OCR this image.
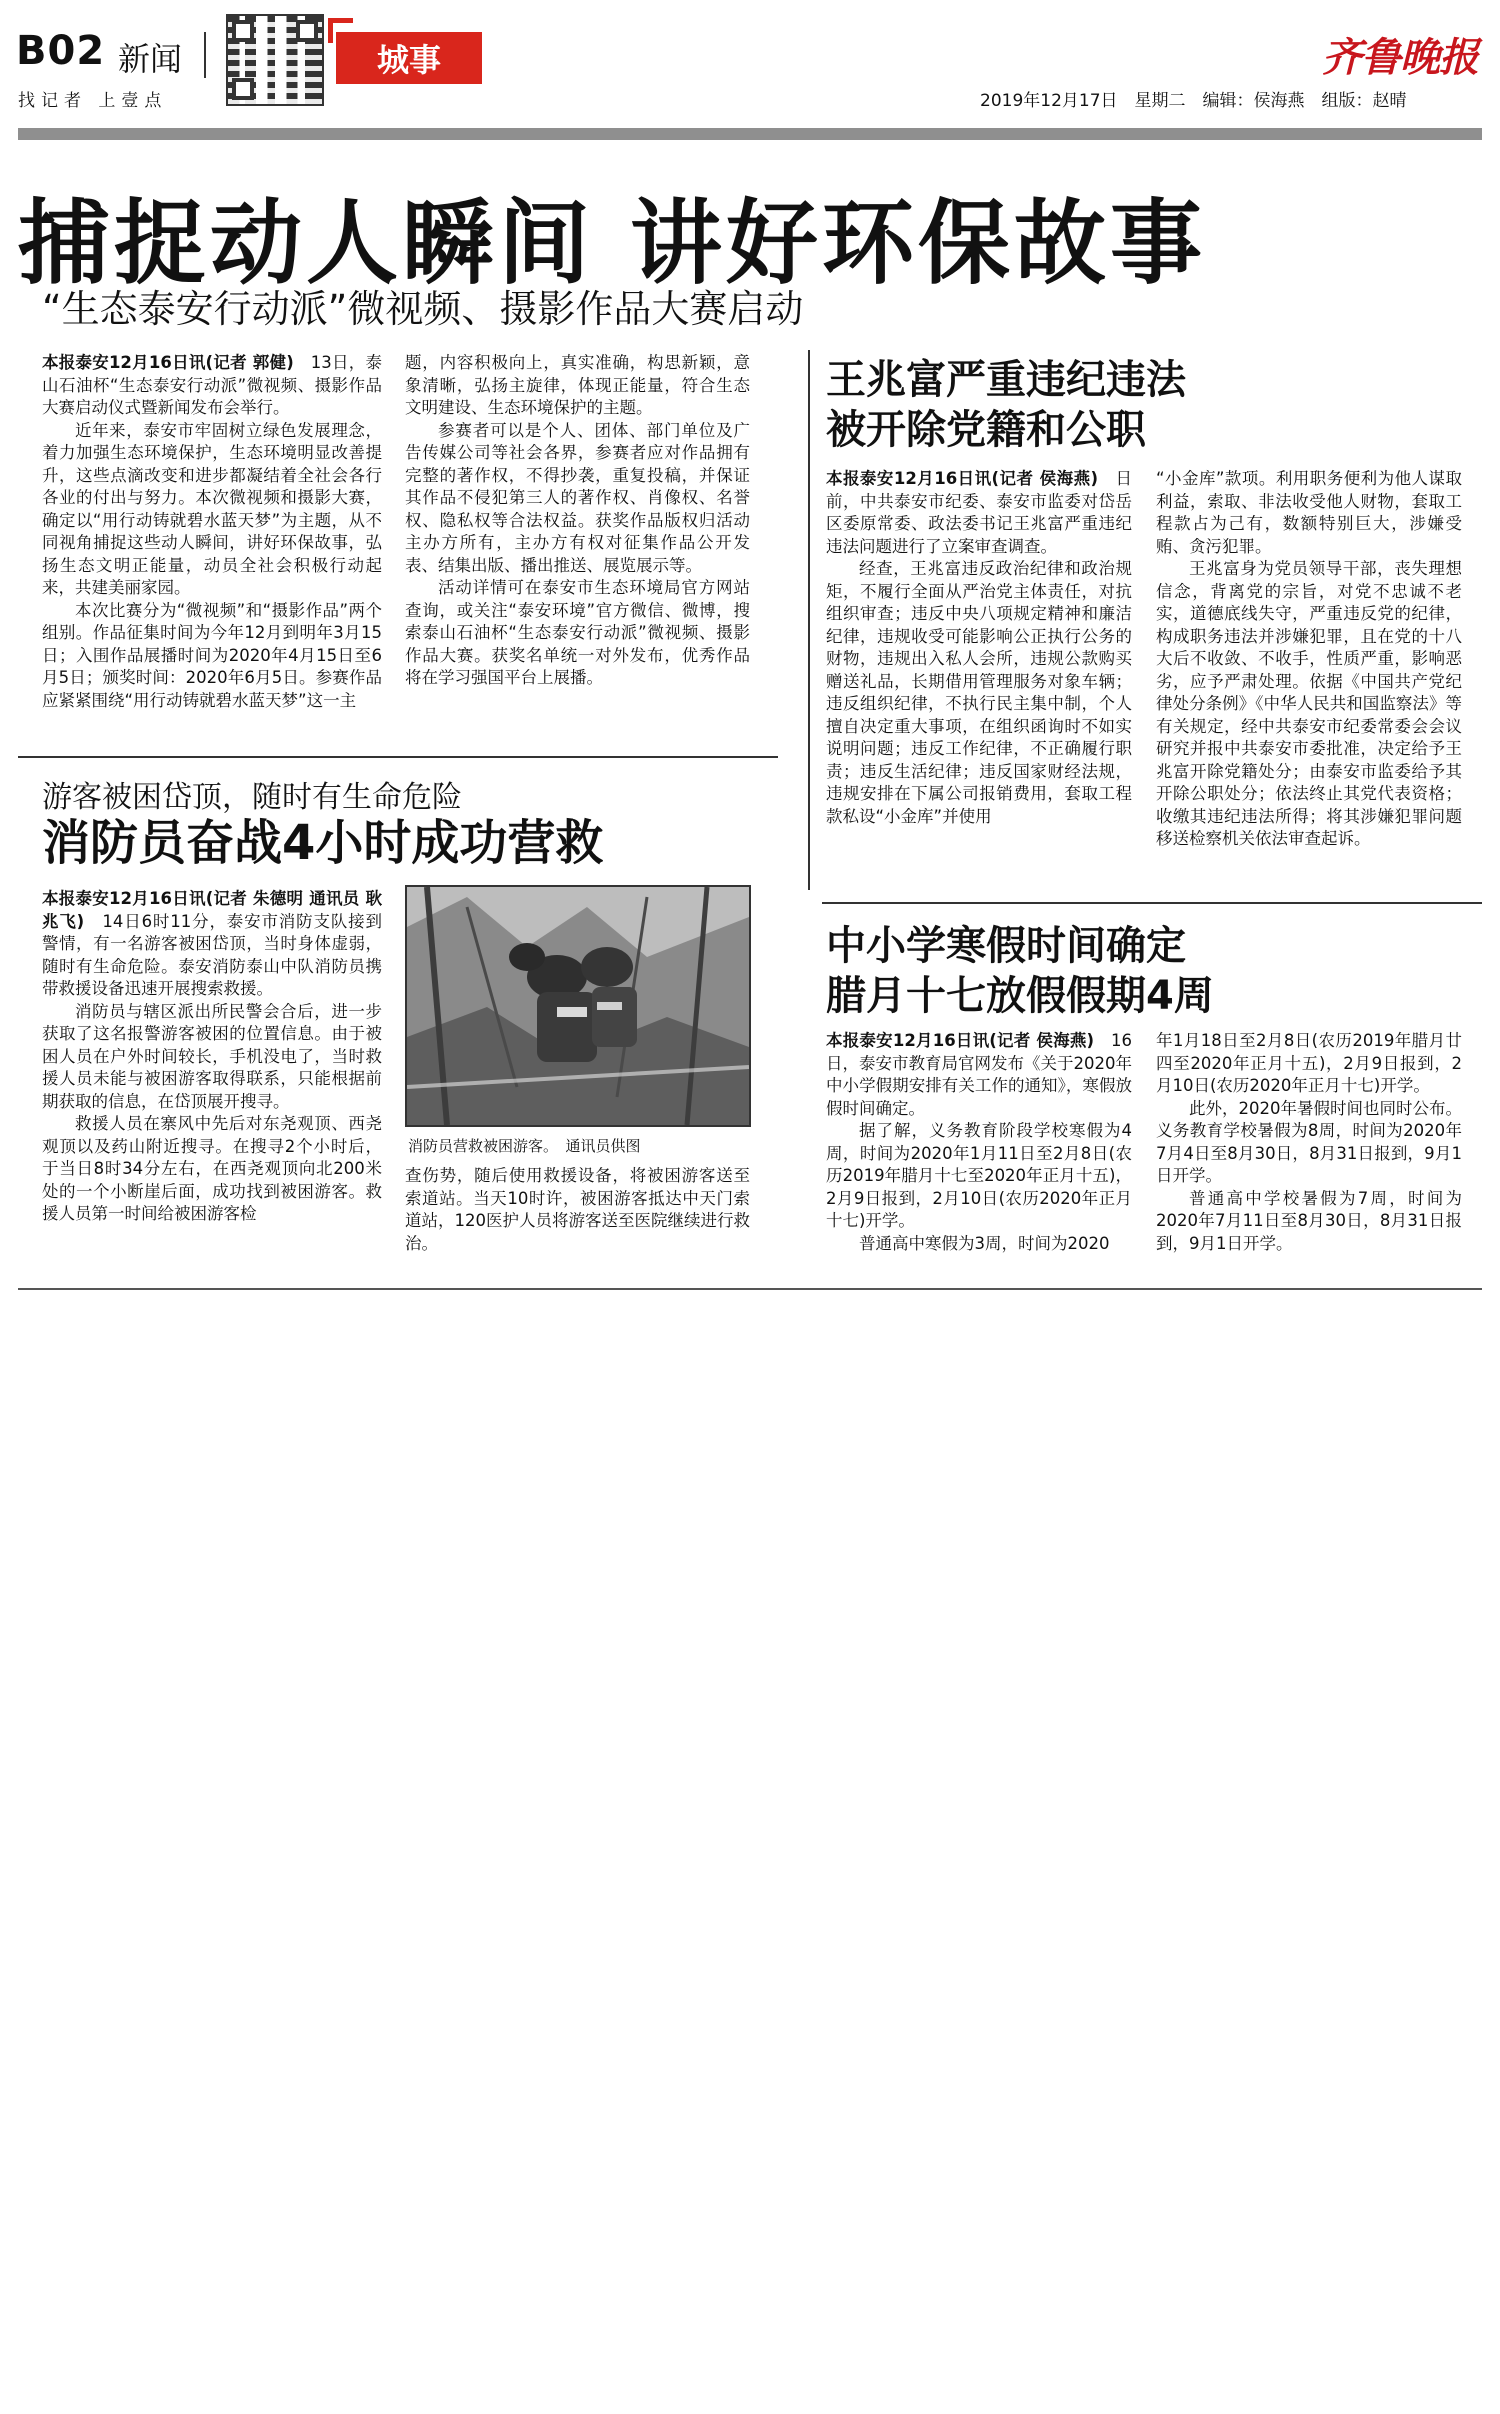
B02 新闻	城事
找记者 上壹点	2019年12月17日　星期二　编辑：侯海燕　组版：赵晴
齐鲁晚报
捕捉动人瞬间 讲好环保故事
“生态泰安行动派”微视频、摄影作品大赛启动

本报泰安12月16日讯(记者 郭健)　 13日，泰山石油杯“生态泰安行动派”微视频、摄影作品大赛启动仪式暨新闻发布会举行。

近年来，泰安市牢固树立绿色发展理念，着力加强生态环境保护，生态环境明显改善提升，这些点滴改变和进步都凝结着全社会各行各业的付出与努力。本次微视频和摄影大赛，确定以“用行动铸就碧水蓝天梦”为主题，从不同视角捕捉这些动人瞬间，讲好环保故事，弘扬生态文明正能量，动员全社会积极行动起来，共建美丽家园。

本次比赛分为“微视频”和“摄影作品”两个组别。作品征集时间为今年12月到明年3月15日；入围作品展播时间为2020年4月15日至6月5日；颁奖时间：2020年6月5日。参赛作品应紧紧围绕“用行动铸就碧水蓝天梦”这一主

题，内容积极向上，真实准确，构思新颖，意象清晰，弘扬主旋律，体现正能量，符合生态文明建设、生态环境保护的主题。

参赛者可以是个人、团体、部门单位及广告传媒公司等社会各界，参赛者应对作品拥有完整的著作权，不得抄袭，重复投稿，并保证其作品不侵犯第三人的著作权、肖像权、名誉权、隐私权等合法权益。获奖作品版权归活动主办方所有，主办方有权对征集作品公开发表、结集出版、播出推送、展览展示等。

活动详情可在泰安市生态环境局官方网站查询，或关注“泰安环境”官方微信、微博，搜索泰山石油杯“生态泰安行动派”微视频、摄影作品大赛。获奖名单统一对外发布，优秀作品将在学习强国平台上展播。

游客被困岱顶，随时有生命危险
消防员奋战4小时成功营救

本报泰安12月16日讯(记者 朱德明 通讯员 耿兆飞)　 14日6时11分，泰安市消防支队接到警情，有一名游客被困岱顶，当时身体虚弱，随时有生命危险。泰安消防泰山中队消防员携带救援设备迅速开展搜索救援。

消防员与辖区派出所民警会合后，进一步获取了这名报警游客被困的位置信息。由于被困人员在户外时间较长，手机没电了，当时救援人员未能与被困游客取得联系，只能根据前期获取的信息，在岱顶展开搜寻。

救援人员在寨风中先后对东尧观顶、西尧观顶以及药山附近搜寻。在搜寻2个小时后，于当日8时34分左右，在西尧观顶向北200米处的一个小断崖后面，成功找到被困游客。救援人员第一时间给被困游客检

消防员营救被困游客。　通讯员供图

查伤势，随后使用救援设备，将被困游客送至索道站。当天10时许，被困游客抵达中天门索道站，120医护人员将游客送至医院继续进行救治。

王兆富严重违纪违法
被开除党籍和公职

本报泰安12月16日讯(记者 侯海燕)　 日前，中共泰安市纪委、泰安市监委对岱岳区委原常委、政法委书记王兆富严重违纪违法问题进行了立案审查调查。

经查，王兆富违反政治纪律和政治规矩，不履行全面从严治党主体责任，对抗组织审查；违反中央八项规定精神和廉洁纪律，违规收受可能影响公正执行公务的财物，违规出入私人会所，违规公款购买赠送礼品，长期借用管理服务对象车辆；违反组织纪律，不执行民主集中制，个人擅自决定重大事项，在组织函询时不如实说明问题；违反工作纪律，不正确履行职责；违反生活纪律；违反国家财经法规，违规安排在下属公司报销费用，套取工程款私设“小金库”并使用

“小金库”款项。利用职务便利为他人谋取利益，索取、非法收受他人财物，套取工程款占为己有，数额特别巨大，涉嫌受贿、贪污犯罪。

王兆富身为党员领导干部，丧失理想信念，背离党的宗旨，对党不忠诚不老实，道德底线失守，严重违反党的纪律，构成职务违法并涉嫌犯罪，且在党的十八大后不收敛、不收手，性质严重，影响恶劣，应予严肃处理。依据《中国共产党纪律处分条例》《中华人民共和国监察法》等有关规定，经中共泰安市纪委常委会会议研究并报中共泰安市委批准，决定给予王兆富开除党籍处分；由泰安市监委给予其开除公职处分；依法终止其党代表资格；收缴其违纪违法所得；将其涉嫌犯罪问题移送检察机关依法审查起诉。

中小学寒假时间确定
腊月十七放假假期4周

本报泰安12月16日讯(记者 侯海燕)　 16日，泰安市教育局官网发布《关于2020年中小学假期安排有关工作的通知》，寒假放假时间确定。

据了解，义务教育阶段学校寒假为4周，时间为2020年1月11日至2月8日(农历2019年腊月十七至2020年正月十五)，2月9日报到，2月10日(农历2020年正月十七)开学。

普通高中寒假为3周，时间为2020

年1月18日至2月8日(农历2019年腊月廿四至2020年正月十五)，2月9日报到，2月10日(农历2020年正月十七)开学。

此外，2020年暑假时间也同时公布。义务教育学校暑假为8周，时间为2020年7月4日至8月30日，8月31日报到，9月1日开学。

普通高中学校暑假为7周，时间为2020年7月11日至8月30日，8月31日报到，9月1日开学。
